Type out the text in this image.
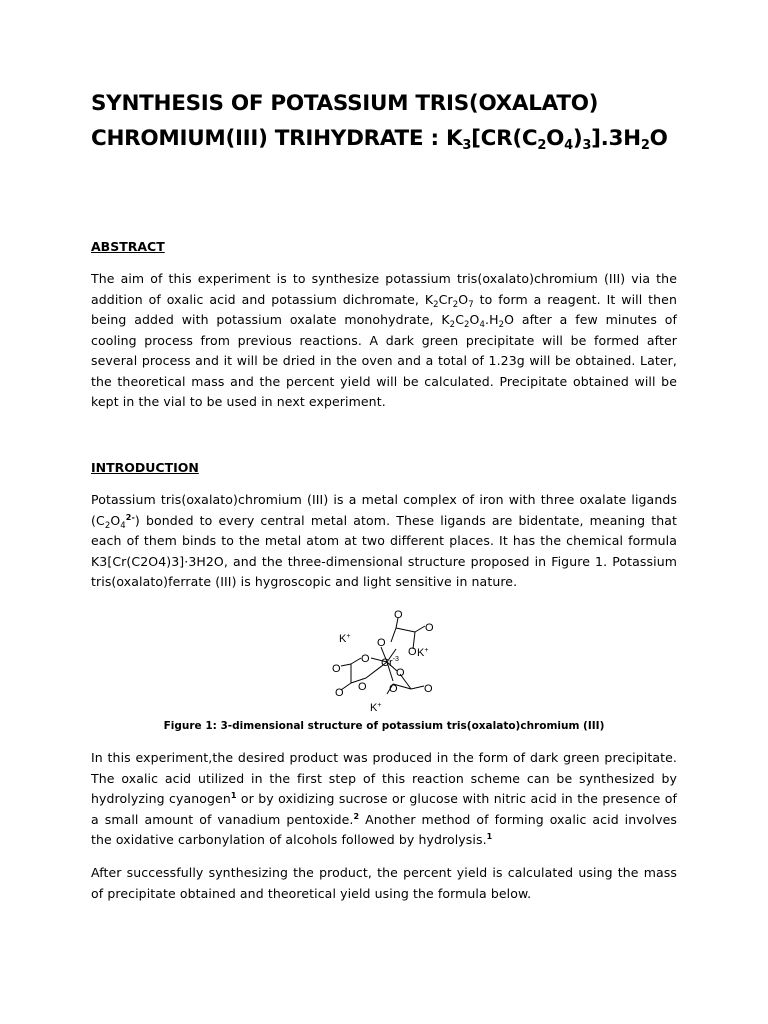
SYNTHESIS OF POTASSIUM TRIS(OXALATO)
CHROMIUM(III) TRIHYDRATE : $K_3[CR(C_2O_4)_3].3H_2O$
ABSTRACT

The aim of this experiment is to synthesize potassium tris(oxalato)chromium (III) via the addition of oxalic acid and potassium dichromate, $K_2Cr_2O_7$ to form a reagent. It will then being added with potassium oxalate monohydrate, $K_2C_2O_4.H_2O$ after a few minutes of cooling process from previous reactions. A dark green precipitate will be formed after several process and it will be dried in the oven and a total of 1.23g will be obtained. Later, the theoretical mass and the percent yield will be calculated. Precipitate obtained will be kept in the vial to be used in next experiment.

INTRODUCTION

Potassium tris(oxalato)chromium (III) is a metal complex of iron with three oxalate ligands $(C_2O_4^{2-})$ bonded to every central metal atom. These ligands are bidentate, meaning that each of them binds to the metal atom at two different places. It has the chemical formula K3[Cr(C2O4)3]·3H2O, and the three-dimensional structure proposed in Figure 1. Potassium tris(oxalato)ferrate (III) is hygroscopic and light sensitive in nature.

O
O
O
O
O
O	O
O
O	O O
$Cr^{-3}$
K+
K+
K+
Figure 1: 3-dimensional structure of potassium tris(oxalato)chromium (III)

In this experiment,the desired product was produced in the form of dark green precipitate. The oxalic acid utilized in the first step of this reaction scheme can be synthesized by hydrolyzing cyanogen$^1$ or by oxidizing sucrose or glucose with nitric acid in the presence of a small amount of vanadium pentoxide.$^2$ Another method of forming oxalic acid involves the oxidative carbonylation of alcohols followed by hydrolysis.$^1$

After successfully synthesizing the product, the percent yield is calculated using the mass of precipitate obtained and theoretical yield using the formula below.
